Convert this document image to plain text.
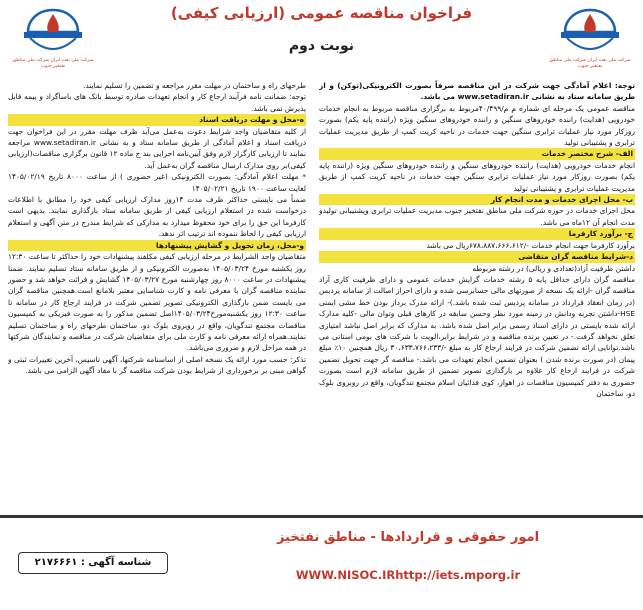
شرکت ملی نفت ایران شرکت ملی مناطق نفتخیز جنوب
شرکت ملی نفت ایران شرکت ملی مناطق نفتخیز جنوب
فراخوان مناقصه عمومی (ارزیابی کیفی)
نوبت دوم
توجه: اعلام آمادگی جهت شرکت در این مناقصه صرفاً بصورت الکترونیکی(توکن) و از طریق سامانه ستاد به نشانی www.setadiran.ir می باشد.
مناقصه عمومی یک مرحله ای شماره م م/۴۰/۴۹۹مربوط به برگزاری مناقصه مربوط به انجام خدمات خودرویی (هدایت) راننده خودروهای سنگین و راننده خودروهای سنگین ویژه (راننده پایه یکم) بصورت روزکار مورد نیاز عملیات ترابری سنگین جهت خدمات در ناحیه کریت کمپ از طریق مدیریت عملیات ترابری و پشتیبانی تولید
الف- شرح مختصر خدمات
انجام خدمات خودرویی (هدایت) راننده خودروهای سنگین و راننده خودروهای سنگین ویژه (راننده پایه یکم) بصورت روزکار مورد نیاز عملیات ترابری سنگین جهت خدمات در ناحیه کریت کمپ از طریق مدیریت عملیات ترابری و پشتیبانی تولید
ب- محل اجرای خدمات و مدت انجام کار
محل اجرای خدمات در حوزه شرکت ملی مناطق نفتخیز جنوب مدیریت عملیات ترابری وپشتیبانی تولیدو مدت انجام آن ۱۲ماه می باشد.
ج- برآورد کارفرما
برآورد کارفرما جهت انجام خدمات -/۶۷۸،۸۸۷،۶۶۶،۶۱۲ریال می باشد
د-شرایط مناقصه گران متقاضی
داشتن ظرفیت آزاد(تعدادی و ریالی) در رشته مربوطه
مناقصه گران دارای حداقل پایه ۵ رشته خدمات گرایش خدمات عمومی و دارای ظرفیت کاری آزاد مناقصه گران -ارائه یک نسخه از صورتهای مالی حسابرسی شده و دارای احراز اصالت از سامانه پردیس (در زمان انعقاد قرارداد در سامانه پردیس ثبت شده باشد.)- ارائه مدرک برداز بودن خط مشی ایمنی HSE-داشتن تجربه ودانش در زمینه مورد نظر وحسن سابقه در کارهای قبلی وتوان مالی -کلیه مدارک ارائه شده بایستی در دارای اسناد رسمی برابر اصل شده باشد. به مدارک که برابر اصل نباشد امتیازی تعلق نخواهد گرفت.- در تعیین برنده مناقصه و در شرایط برابر،الویت با شرکت های بومی استانی می باشد.توانایی ارائه تضمین شرکت در فرایند ارجاع کار به مبلغ -/۳۰،۶۳۳،۷۶۶،۲۳۳ ریال همچنین ۱۰٪ مبلغ پیمان (در صورت برنده شدن ) بعنوان تضمین انجام تعهدات می باشد.- مناقصه گر جهت تحویل تضمین شرکت در فرایند ارجاع کار علاوه بر بارگذاری تصویر تضمین از طریق سامانه لازم است بصورت حضوری به دفتر کمیسیون مناقصات در اهواز، کوی فدائیان اسلام مجتمع تندگویان، واقع در روبروی بلوک دو، ساختمان
طرحهای راه و ساختمان در مهلت مقرر مراجعه و تضمین را تسلیم نمایند.
توجه: ضمانت نامه فرآیند ارجاع کار و انجام تعهدات صادره توسط بانک های باساگراد و بیمه قابل پذیرش نمی باشد.
ه-محل و مهلت دریافت اسناد
از کلیه متقاضیان واجد شرایط دعوت به‌عمل می‌آید ظرف مهلت مقرر در این فراخوان جهت دریافت اسناد و اعلام آمادگی از طریق سامانه ستاد و به نشانی www.setadiran.ir مراجعه نمایند تا ارزیابی کارگزار لازم وفق آیین‌نامه اجرایی بند ج ماده ۱۲ قانون برگزاری مناقصات(ارزیابی کیفی)بر روی مدارک ارسال مناقصه گران به‌عمل آید.
* مهلت اعلام آمادگی: بصورت الکترونیکی (غیر حضوری ) از ساعت ۸۰۰۰ تاریخ ۱۴۰۵/۰۲/۱۹ لغایت ساعت ۱۹۰۰ تاریخ ۱۴۰۵/۰۲/۲۱
ضمناً می بایستی حداکثر ظرف مدت ۱۴روز مدارک ارزیابی کیفی خود را مطابق با اطلاعات درخواست شده در استعلام ارزیابی کیفی از طریق سامانه ستاد بارگذاری نمایند. بدیهی است کارفرما این حق را برای خود محفوظ میدارد به مدارکی که شرایط مندرج در متن آگهی و استعلام ارزیابی کیفی را لحاظ ننموده اند ترتیب اثر ندهد.
و-محل، زمان تحویل و گشایش پیشنهادها
متقاضیان واجد الشرایط در مرحله ارزیابی کیفی مکلفند پیشنهادات خود را حداکثر تا ساعت ۱۲:۳۰ روز یکشنبه مورخ ۱۴۰۵/۰۳/۲۴ به‌صورت الکترونیکی و از طریق سامانه ستاد تسلیم نمایند. ضمنا پیشنهادات در ساعت ۸۰۰۰ روز چهارشنبه مورخ ۱۴۰۵/۰۳/۲۷ گشایش و قرائت خواهد شد و حضور نماینده مناقصه گران با معرفی نامه و کارت شناسایی معتبر بلامانع است.همچنین مناقصه گران می بایست ضمن بارگذاری الکترونیکی تصویر تضمین شرکت در فرایند ارجاع کار در سامانه تا ساعت ۱۲:۳۰ روز یکشنبه‌مورخ۱۴۰۵/۰۳/۲۴اصل تضمین مذکور را به صورت فیزیکی به کمیسیون مناقصات مجتمع تندگویان، واقع در روبروی بلوک دو، ساختمان طرحهای راه و ساختمان تسلیم نمایند.همراه ارائه معرفی نامه و کارت ملی برای متقاضیان شرکت در مناقصه و نمایندگان شرکتها در همه مراحل لازم و ضروری می‌باشد.
تذکر: حسب مورد ارائه یک نسخه اصلی از اساسنامه شرکتها، آگهی تاسیس، آخرین تغییرات ثبتی و گواهی مبنی بر برخورداری از شرایط بودن شرکت مناقصه گر با مفاد آگهی الزامی می باشد.
امور حقوقی و قراردادها - مناطق نفتخیز
WWW.NISOC.IRhttp://iets.mporg.ir
شناسه آگهی : ۲۱۷۶۶۶۱
